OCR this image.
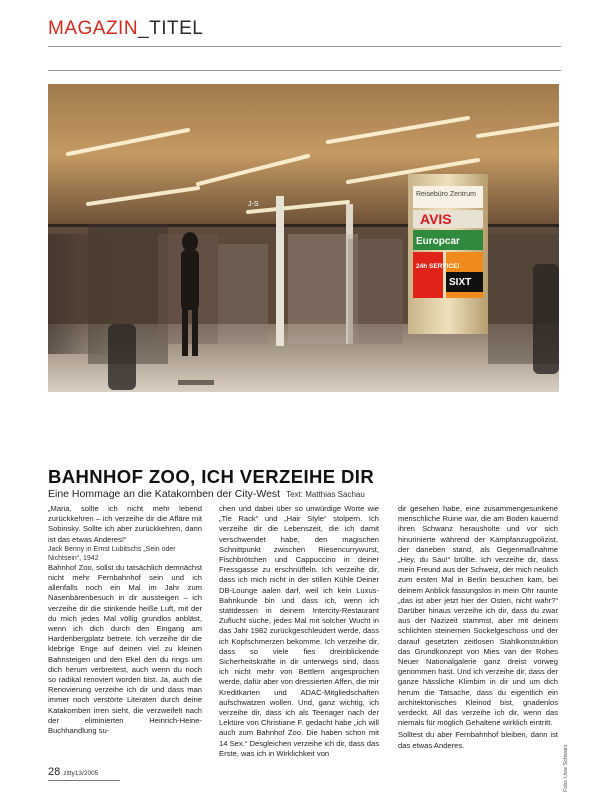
MAGAZIN_TITEL
Reisebüro Zentrum
AVIS
Europcar
24h SERVICE!
SIXT
J-S
BAHNHOF ZOO, ICH VERZEIHE DIR
Eine Hommage an die Katakomben der City-West Text: Matthias Sachau

„Maria, sollte ich nicht mehr lebend zurückkehren – ich verzeihe dir die Affäre mit Sobinsky. Sollte ich aber zurückkehren, dann ist das etwas Anderes!“

Jack Benny in Ernst Lubitschs „Sein oder Nichtsein“, 1942

Bahnhof Zoo, sollst du tatsächlich demnächst nicht mehr Fernbahnhof sein und ich allenfalls noch ein Mal im Jahr zum Nasenbärenbesuch in dir aussteigen – ich verzeihe dir die stinkende heiße Luft, mit der du mich jedes Mal völlig grundlos anbläst, wenn ich dich durch den Eingang am Hardenbergplatz betrete. Ich verzeihe dir die klebrige Enge auf deinen viel zu kleinen Bahnsteigen und den Ekel den du rings um dich herum verbreitest, auch wenn du noch so radikal renoviert worden bist. Ja, auch die Renovierung verzeihe ich dir und dass man immer noch verstörte Literaten durch deine Katakomben irren sieht, die verzweifelt nach der eliminierten Heinrich-Heine-Buchhandlung su-

chen und dabei über so unwürdige Worte wie „Tie Rack“ und „Hair Style“ stolpern. Ich verzeihe dir die Lebenszeit, die ich damit verschwendet habe, den magischen Schnittpunkt zwischen Riesencurrywurst, Fischbrötchen und Cappuccino in deiner Fressgasse zu erschnüffeln. Ich verzeihe dir, dass ich mich nicht in der stillen Kühle Deiner DB-Lounge aalen darf, weil ich kein Luxus-Bahnkunde bin und dass ich, wenn ich stattdessen in deinem Intercity-Restaurant Zuflucht suche, jedes Mal mit solcher Wucht in das Jahr 1982 zurückgeschleudert werde, dass ich Kopfschmerzen bekomme. Ich verzeihe dir, dass so viele fies dreinblickende Sicherheitskräfte in dir unterwegs sind, dass ich nicht mehr von Bettlern angesprochen werde, dafür aber von dressierten Affen, die mir Kreditkarten und ADAC-Mitgliedschaften aufschwatzen wollen. Und, ganz wichtig, ich verzeihe dir, dass ich als Teenager nach der Lektüre von Christiane F. gedacht habe „ich will auch zum Bahnhof Zoo. Die haben schon mit 14 Sex.“ Desgleichen verzeihe ich dir, dass das Erste, was ich in Wirklichkeit von

dir gesehen habe, eine zusammengesunkene menschliche Ruine war, die am Boden kauernd ihren Schwanz herausholte und vor sich hinurinierte während der Kampfanzugpolizist, der daneben stand, als Gegenmaßnahme „Hey, du Sau!“ brüllte. Ich verzeihe dir, dass mein Freund aus der Schweiz, der mich neulich zum ersten Mal in Berlin besuchen kam, bei deinem Anblick fassungslos in mein Ohr raunte „das ist aber jetzt hier der Osten, nicht wahr?“ Darüber hinaus verzeihe ich dir, dass du zwar aus der Nazizeit stammst, aber mit deinem schlichten steinernen Sockelgeschoss und der darauf gesetzten zeitlosen Stahlkonstruktion das Grundkonzept von Mies van der Rohes Neuer Nationalgalerie ganz dreist vorweg genommen hast. Und ich verzeihe dir, dass der ganze hässliche Klimbim in dir und um dich herum die Tatsache, dass du eigentlich ein architektonisches Kleinod bist, gnadenlos verdeckt. All das verzeihe ich dir, wenn das niemals für möglich Gehaltene wirklich eintritt.

Solltest du aber Fernbahnhof bleiben, dann ist das etwas Anderes.	Foto: Uwe Schwarz
28 zitty13/2005
